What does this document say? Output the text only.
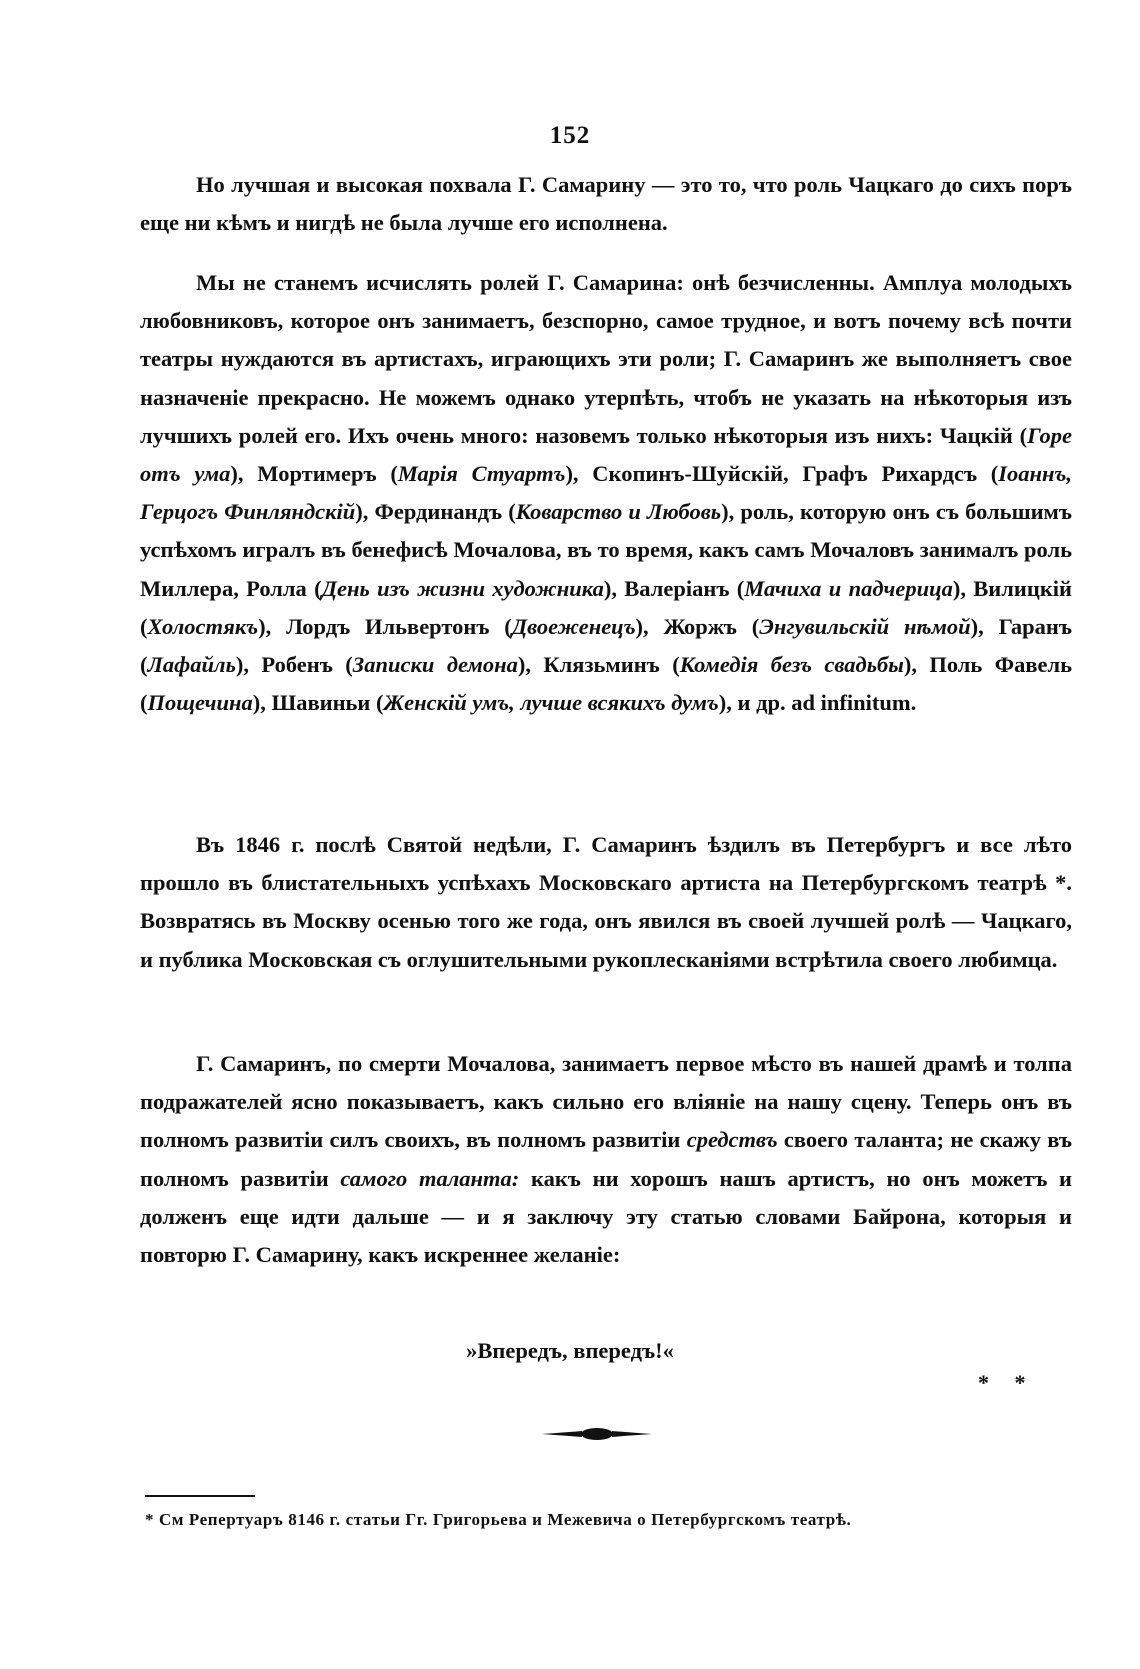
152
Но лучшая и высокая похвала Г. Самарину — это то, что роль Чацкаго до сихъ поръ еще ни кѣмъ и нигдѣ не была лучше его исполнена.
Мы не станемъ исчислять ролей Г. Самарина: онѣ безчисленны. Амплуа молодыхъ любовниковъ, которое онъ занимаетъ, безспорно, самое трудное, и вотъ почему всѣ почти театры нуждаются въ артистахъ, играющихъ эти роли; Г. Самаринъ же выполняетъ свое назначеніе прекрасно. Не можемъ однако утерпѣть, чтобъ не указать на нѣкоторыя изъ лучшихъ ролей его. Ихъ очень много: назовемъ только нѣкоторыя изъ нихъ: Чацкій (Горе отъ ума), Мортимеръ (Марія Стуартъ), Скопинъ-Шуйскій, Графъ Рихардсъ (Іоаннъ, Герцогъ Финляндскій), Фердинандъ (Коварство и Любовь), роль, которую онъ съ большимъ успѣхомъ игралъ въ бенефисѣ Мочалова, въ то время, какъ самъ Мочаловъ занималъ роль Миллера, Ролла (День изъ жизни художника), Валеріанъ (Мачиха и падчерица), Вилицкій (Холостякъ), Лордъ Ильвертонъ (Двоеженецъ), Жоржъ (Энгувильскій нѣмой), Гаранъ (Лафайль), Робенъ (Записки демона), Клязьминъ (Комедія безъ свадьбы), Поль Фавель (Пощечина), Шавиньи (Женскій умъ, лучше всякихъ думъ), и др. ad infinitum.
Въ 1846 г. послѣ Святой недѣли, Г. Самаринъ ѣздилъ въ Петербургъ и все лѣто прошло въ блистательныхъ успѣхахъ Московскаго артиста на Петербургскомъ театрѣ *. Возвратясь въ Москву осенью того же года, онъ явился въ своей лучшей ролѣ — Чацкаго, и публика Московская съ оглушительными рукоплесканіями встрѣтила своего любимца.
Г. Самаринъ, по смерти Мочалова, занимаетъ первое мѣсто въ нашей драмѣ и толпа подражателей ясно показываетъ, какъ сильно его вліяніе на нашу сцену. Теперь онъ въ полномъ развитіи силъ своихъ, въ полномъ развитіи средствъ своего таланта; не скажу въ полномъ развитіи самого таланта: какъ ни хорошъ нашъ артистъ, но онъ можетъ и долженъ еще идти дальше — и я заключу эту статью словами Байрона, которыя и повторю Г. Самарину, какъ искреннее желаніе:
»Впередъ, впередъ!«
* *
* См Репертуаръ 8146 г. статьи Гг. Григорьева и Межевича о Петербургскомъ театрѣ.
